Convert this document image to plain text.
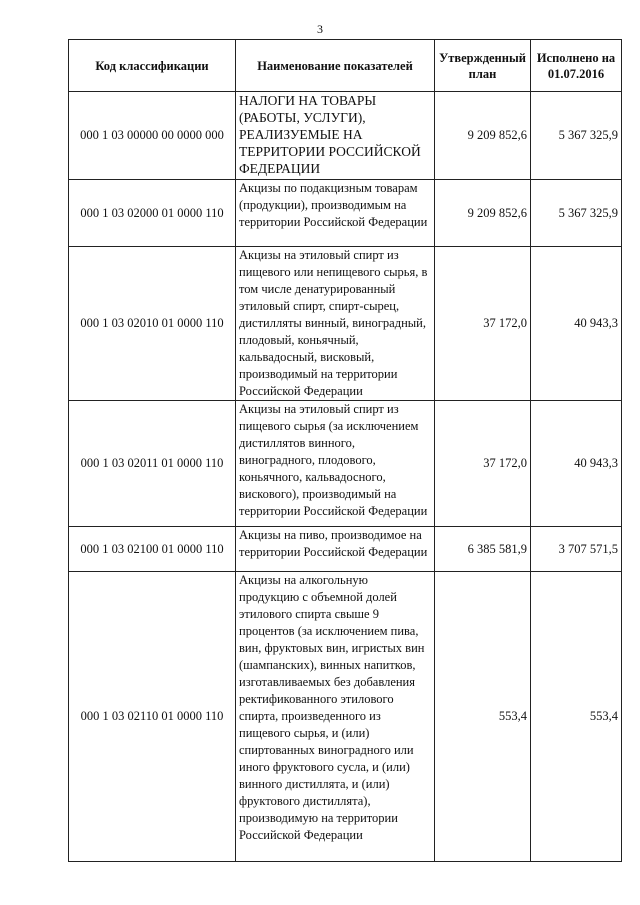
3
Код классификации	Наименование показателей	Утвержденный план	Исполнено на 01.07.2016
000 1 03 00000 00 0000 000	НАЛОГИ НА ТОВАРЫ (РАБОТЫ, УСЛУГИ), РЕАЛИЗУЕМЫЕ НА ТЕРРИТОРИИ РОССИЙСКОЙ ФЕДЕРАЦИИ	9 209 852,6	5 367 325,9
000 1 03 02000 01 0000 110	Акцизы по подакцизным товарам (продукции), производимым на территории Российской Федерации	9 209 852,6	5 367 325,9
000 1 03 02010 01 0000 110	Акцизы на этиловый спирт из пищевого или непищевого сырья, в том числе денатурированный этиловый спирт, спирт-сырец, дистилляты винный, виноградный, плодовый, коньячный, кальвадосный, висковый, производимый на территории Российской Федерации	37 172,0	40 943,3
000 1 03 02011 01 0000 110	Акцизы на этиловый спирт из пищевого сырья (за исключением дистиллятов винного, виноградного, плодового, коньячного, кальвадосного, вискового), производимый на территории Российской Федерации	37 172,0	40 943,3
000 1 03 02100 01 0000 110	Акцизы на пиво, производимое на территории Российской Федерации	6 385 581,9	3 707 571,5
000 1 03 02110 01 0000 110	Акцизы на алкогольную продукцию с объемной долей этилового спирта свыше 9 процентов (за исключением пива, вин, фруктовых вин, игристых вин (шампанских), винных напитков, изготавливаемых без добавления ректификованного этилового спирта, произведенного из пищевого сырья, и (или) спиртованных виноградного или иного фруктового сусла, и (или) винного дистиллята, и (или) фруктового дистиллята), производимую на территории Российской Федерации	553,4	553,4
